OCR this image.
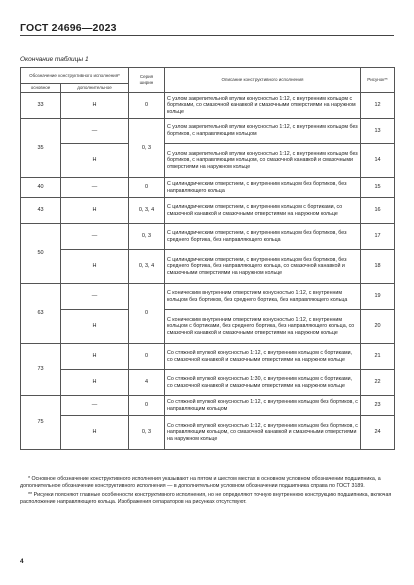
ГОСТ 24696—2023
Окончание таблицы 1
Обозначение конструктивного исполнения*		Серия
ширин	Описание конструктивного исполнения	Рисунок**
основное	дополнительное			
33	Н	0	С узлом закрепительной втулки конусностью 1:12, с внутренним кольцом с бортиками, со смазочной канавкой и смазочными отверстиями на наружном кольце	12
35	—	0, 3	С узлом закрепительной втулки конусностью 1:12, с внутренним кольцом без бортиков, с направляющим кольцом	13
	Н		С узлом закрепительной втулки конусностью 1:12, с внутренним кольцом без бортиков, с направляющим кольцом, со смазочной канавкой и смазочными отверстиями на наружном кольце	14
40	—	0	С цилиндрическим отверстием, с внутренним кольцом без бортиков, без направляющего кольца	15
43	Н	0, 3, 4	С цилиндрическим отверстием, с внутренним кольцом с бортиками, со смазочной канавкой и смазочными отверстиями на наружном кольце	16
50	—	0, 3	С цилиндрическим отверстием, с внутренним кольцом без бортиков, без среднего бортика, без направляющего кольца	17
	Н	0, 3, 4	С цилиндрическим отверстием, с внутренним кольцом без бортиков, без среднего бортика, без направляющего кольца, со смазочной канавкой и смазочными отверстиями на наружном кольце	18
63	—	0	С коническим внутренним отверстием конусностью 1:12, с внутренним кольцом без бортиков, без среднего бортика, без направляющего кольца	19
	Н		С коническим внутренним отверстием конусностью 1:12, с внутренним кольцом с бортиками, без среднего бортика, без направляющего кольца, со смазочной канавкой и смазочными отверстиями на наружном кольце	20
73	Н	0	Со стяжной втулкой конусностью 1:12, с внутренним кольцом с бортиками, со смазочной канавкой и смазочными отверстиями на наружном кольце	21
	Н	4	Со стяжной втулкой конусностью 1:30, с внутренним кольцом с бортиками, со смазочной канавкой и смазочными отверстиями на наружном кольце	22
75	—	0	Со стяжной втулкой конусностью 1:12, с внутренним кольцом без бортиков, с направляющим кольцом	23
	Н	0, 3	Со стяжной втулкой конусностью 1:12, с внутренним кольцом без бортиков, с направляющим кольцом, со смазочной канавкой и смазочными отверстиями на наружном кольце	24

* Основное обозначение конструктивного исполнения указывают на пятом и шестом местах в основном условном обозначении подшипника, а дополнительное обозначение конструктивного исполнения — в дополнительном условном обозначении подшипника справа по ГОСТ 3189.

** Рисунки поясняют главные особенности конструктивного исполнения, но не определяют точную внутреннюю конструкцию подшипника, включая расположение направляющего кольца. Изображения сепараторов на рисунках отсутствуют.

4
